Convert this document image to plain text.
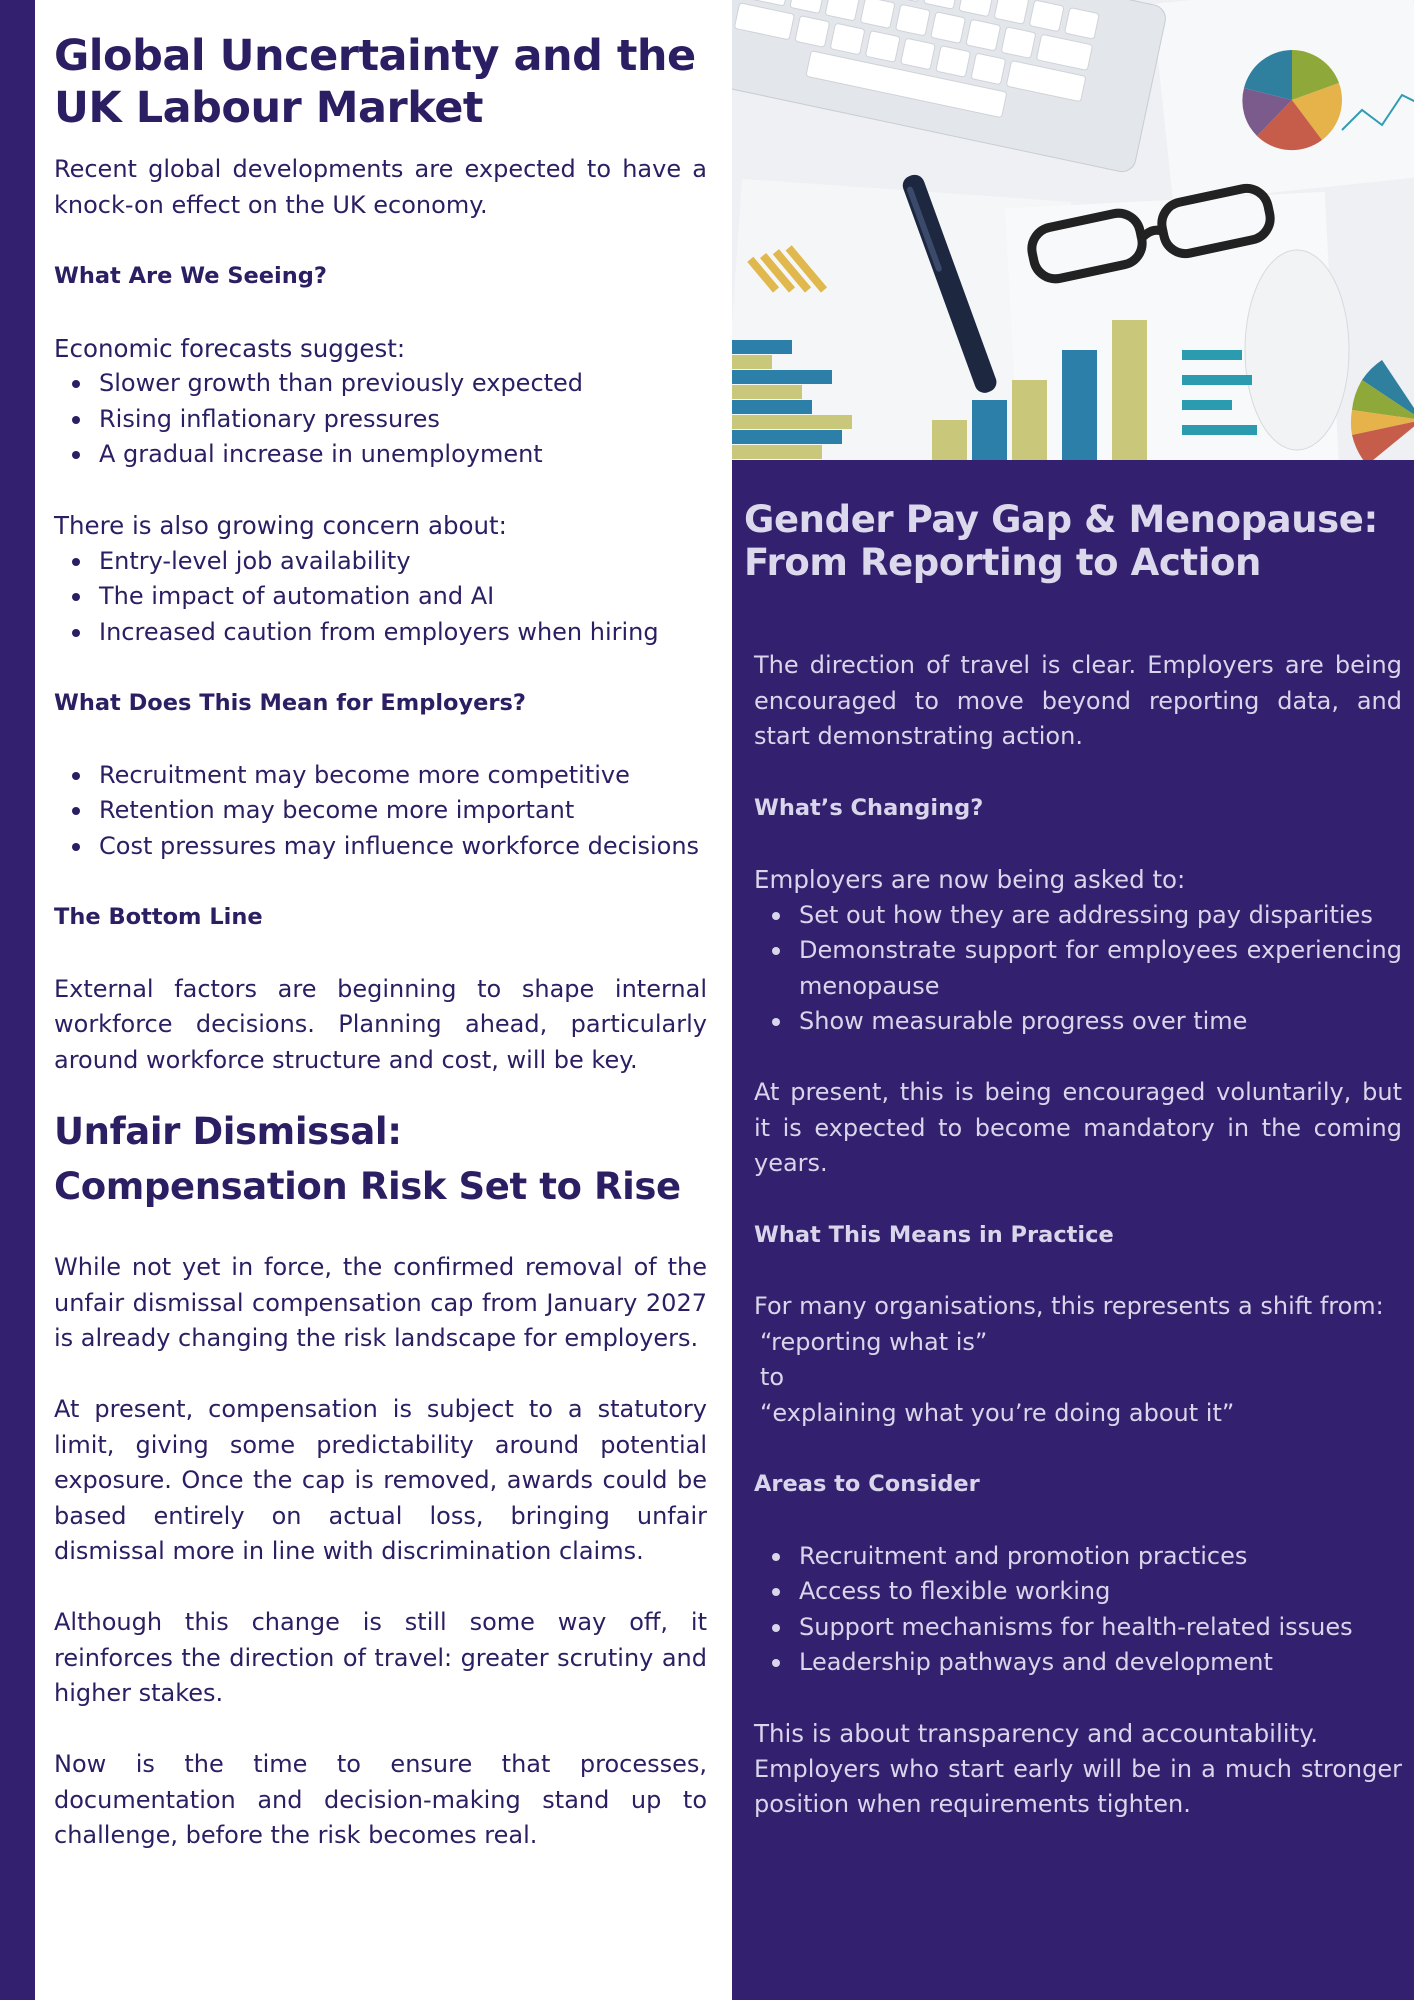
Global Uncertainty and the UK Labour Market

Recent global developments are expected to have a knock-on effect on the UK economy.

What Are We Seeing?

Economic forecasts suggest:

Slower growth than previously expected
Rising inflationary pressures
A gradual increase in unemployment

There is also growing concern about:

Entry-level job availability
The impact of automation and AI
Increased caution from employers when hiring
What Does This Mean for Employers?
Recruitment may become more competitive
Retention may become more important
Cost pressures may influence workforce decisions
The Bottom Line

External factors are beginning to shape internal workforce decisions. Planning ahead, particularly around workforce structure and cost, will be key.

Unfair Dismissal:
Compensation Risk Set to Rise

While not yet in force, the confirmed removal of the unfair dismissal compensation cap from January 2027 is already changing the risk landscape for employers.

At present, compensation is subject to a statutory limit, giving some predictability around potential exposure. Once the cap is removed, awards could be based entirely on actual loss, bringing unfair dismissal more in line with discrimination claims.

Although this change is still some way off, it reinforces the direction of travel: greater scrutiny and higher stakes.

Now is the time to ensure that processes, documentation and decision-making stand up to challenge, before the risk becomes real.

Gender Pay Gap & Menopause: From Reporting to Action

The direction of travel is clear. Employers are being encouraged to move beyond reporting data, and start demonstrating action.

What’s Changing?

Employers are now being asked to:

Set out how they are addressing pay disparities
Demonstrate support for employees experiencing menopause
Show measurable progress over time

At present, this is being encouraged voluntarily, but it is expected to become mandatory in the coming years.

What This Means in Practice

For many organisations, this represents a shift from:

“reporting what is”

to

“explaining what you’re doing about it”

Areas to Consider
Recruitment and promotion practices
Access to flexible working
Support mechanisms for health-related issues
Leadership pathways and development

This is about transparency and accountability.

Employers who start early will be in a much stronger position when requirements tighten.
